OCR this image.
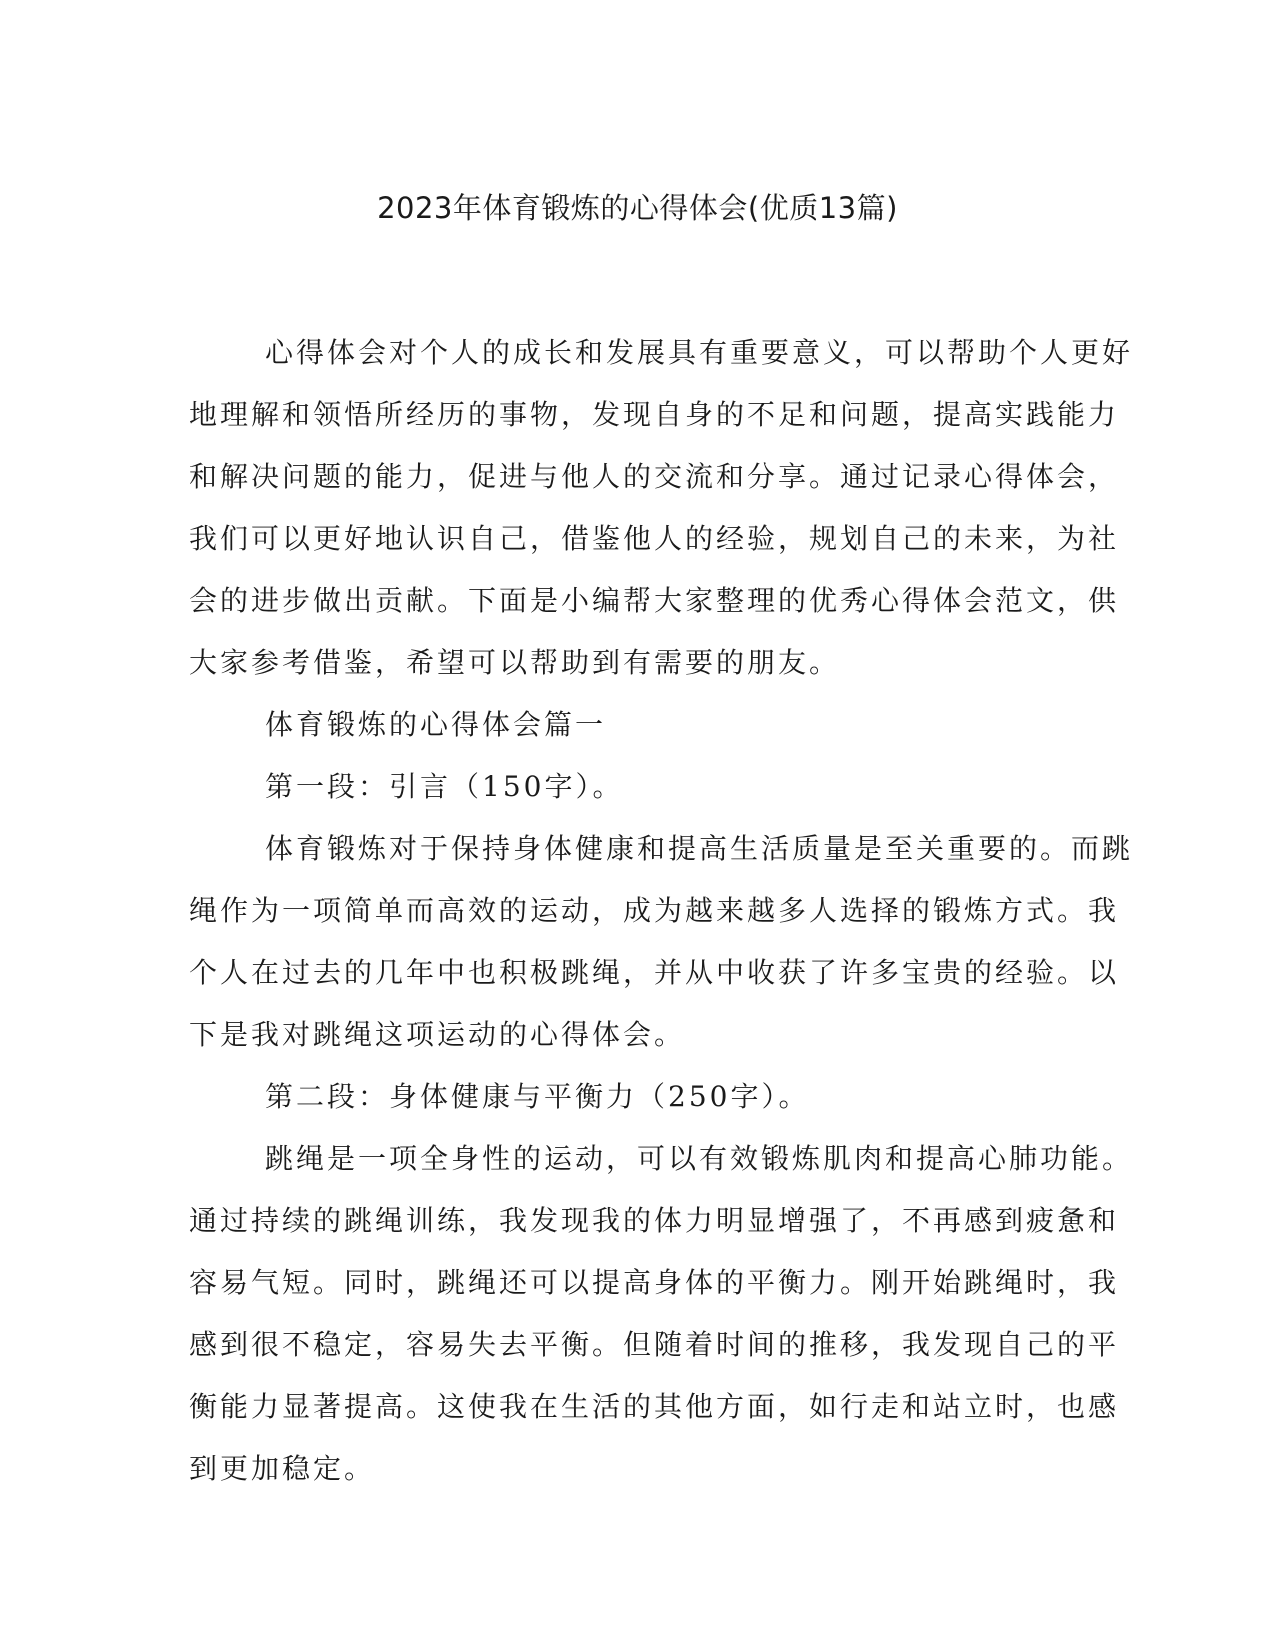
2023年体育锻炼的心得体会(优质13篇)

心得体会对个人的成长和发展具有重要意义，可以帮助个人更好
地理解和领悟所经历的事物，发现自身的不足和问题，提高实践能力
和解决问题的能力，促进与他人的交流和分享。通过记录心得体会，
我们可以更好地认识自己，借鉴他人的经验，规划自己的未来，为社
会的进步做出贡献。下面是小编帮大家整理的优秀心得体会范文，供
大家参考借鉴，希望可以帮助到有需要的朋友。

体育锻炼的心得体会篇一

第一段：引言（150字）。

体育锻炼对于保持身体健康和提高生活质量是至关重要的。而跳
绳作为一项简单而高效的运动，成为越来越多人选择的锻炼方式。我
个人在过去的几年中也积极跳绳，并从中收获了许多宝贵的经验。以
下是我对跳绳这项运动的心得体会。

第二段：身体健康与平衡力（250字）。

跳绳是一项全身性的运动，可以有效锻炼肌肉和提高心肺功能。
通过持续的跳绳训练，我发现我的体力明显增强了，不再感到疲惫和
容易气短。同时，跳绳还可以提高身体的平衡力。刚开始跳绳时，我
感到很不稳定，容易失去平衡。但随着时间的推移，我发现自己的平
衡能力显著提高。这使我在生活的其他方面，如行走和站立时，也感
到更加稳定。
